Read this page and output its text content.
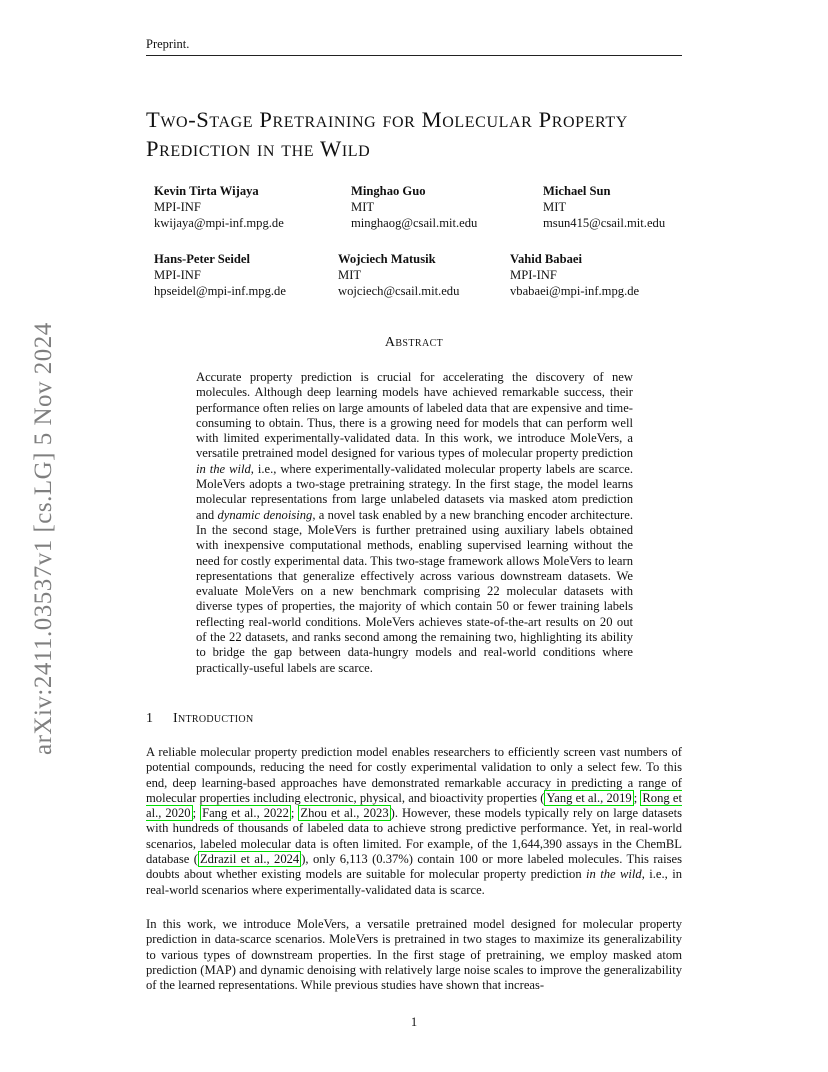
Preprint.
arXiv:2411.03537v1 [cs.LG] 5 Nov 2024
Two-Stage Pretraining for Molecular Property Prediction in the Wild
Kevin Tirta Wijaya
MPI-INF
kwijaya@mpi-inf.mpg.de
Minghao Guo
MIT
minghaog@csail.mit.edu
Michael Sun
MIT
msun415@csail.mit.edu
Hans-Peter Seidel
MPI-INF
hpseidel@mpi-inf.mpg.de
Wojciech Matusik
MIT
wojciech@csail.mit.edu
Vahid Babaei
MPI-INF
vbabaei@mpi-inf.mpg.de
Abstract

Accurate property prediction is crucial for accelerating the discovery of new molecules. Although deep learning models have achieved remarkable success, their performance often relies on large amounts of labeled data that are expensive and time-consuming to obtain. Thus, there is a growing need for models that can perform well with limited experimentally-validated data. In this work, we introduce MoleVers, a versatile pretrained model designed for various types of molecular property prediction in the wild, i.e., where experimentally-validated molecular property labels are scarce. MoleVers adopts a two-stage pretraining strategy. In the first stage, the model learns molecular representations from large unlabeled datasets via masked atom prediction and dynamic denoising, a novel task enabled by a new branching encoder architecture. In the second stage, MoleVers is further pretrained using auxiliary labels obtained with inexpensive computational methods, enabling supervised learning without the need for costly experimental data. This two-stage framework allows MoleVers to learn representations that generalize effectively across various downstream datasets. We evaluate MoleVers on a new benchmark comprising 22 molecular datasets with diverse types of properties, the majority of which contain 50 or fewer training labels reflecting real-world conditions. MoleVers achieves state-of-the-art results on 20 out of the 22 datasets, and ranks second among the remaining two, highlighting its ability to bridge the gap between data-hungry models and real-world conditions where practically-useful labels are scarce.

1 Introduction

A reliable molecular property prediction model enables researchers to efficiently screen vast numbers of potential compounds, reducing the need for costly experimental validation to only a select few. To this end, deep learning-based approaches have demonstrated remarkable accuracy in predicting a range of molecular properties including electronic, physical, and bioactivity properties ( Yang et al., 2019 ; Rong et al., 2020 ; Fang et al., 2022 ; Zhou et al., 2023 ). However, these models typically rely on large datasets with hundreds of thousands of labeled data to achieve strong predictive performance. Yet, in real-world scenarios, labeled molecular data is often limited. For example, of the 1,644,390 assays in the ChemBL database ( Zdrazil et al., 2024 ), only 6,113 (0.37%) contain 100 or more labeled molecules. This raises doubts about whether existing models are suitable for molecular property prediction in the wild, i.e., in real-world scenarios where experimentally-validated data is scarce.

In this work, we introduce MoleVers, a versatile pretrained model designed for molecular property prediction in data-scarce scenarios. MoleVers is pretrained in two stages to maximize its generalizability to various types of downstream properties. In the first stage of pretraining, we employ masked atom prediction (MAP) and dynamic denoising with relatively large noise scales to improve the generalizability of the learned representations. While previous studies have shown that increas-

1
